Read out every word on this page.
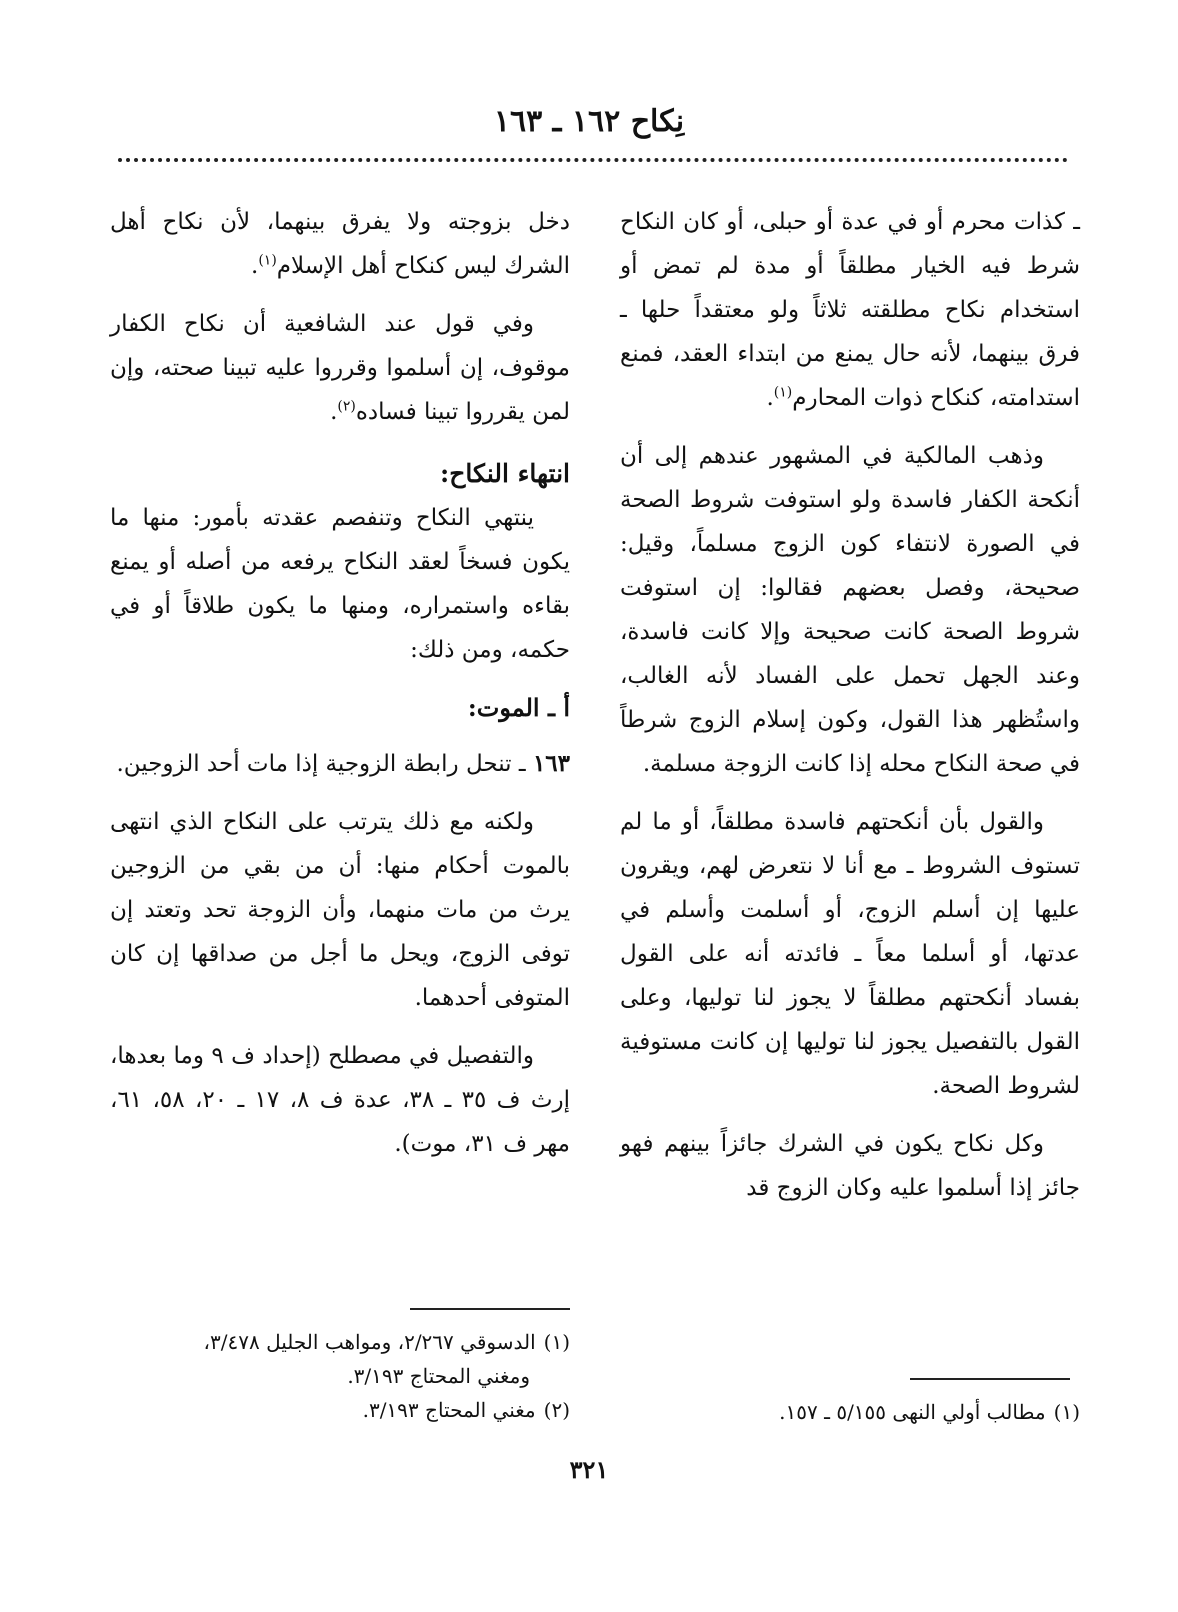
نِكاح ١٦٢ ـ ١٦٣

ـ كذات محرم أو في عدة أو حبلى، أو كان النكاح شرط فيه الخيار مطلقاً أو مدة لم تمض أو استخدام نكاح مطلقته ثلاثاً ولو معتقداً حلها ـ فرق بينهما، لأنه حال يمنع من ابتداء العقد، فمنع استدامته، كنكاح ذوات المحارم$^{(١)}$.

وذهب المالكية في المشهور عندهم إلى أن أنكحة الكفار فاسدة ولو استوفت شروط الصحة في الصورة لانتفاء كون الزوج مسلماً، وقيل: صحيحة، وفصل بعضهم فقالوا: إن استوفت شروط الصحة كانت صحيحة وإلا كانت فاسدة، وعند الجهل تحمل على الفساد لأنه الغالب، واستُظهر هذا القول، وكون إسلام الزوج شرطاً في صحة النكاح محله إذا كانت الزوجة مسلمة.

والقول بأن أنكحتهم فاسدة مطلقاً، أو ما لم تستوف الشروط ـ مع أنا لا نتعرض لهم، ويقرون عليها إن أسلم الزوج، أو أسلمت وأسلم في عدتها، أو أسلما معاً ـ فائدته أنه على القول بفساد أنكحتهم مطلقاً لا يجوز لنا توليها، وعلى القول بالتفصيل يجوز لنا توليها إن كانت مستوفية لشروط الصحة.

وكل نكاح يكون في الشرك جائزاً بينهم فهو جائز إذا أسلموا عليه وكان الزوج قد

دخل بزوجته ولا يفرق بينهما، لأن نكاح أهل الشرك ليس كنكاح أهل الإسلام$^{(١)}$.

وفي قول عند الشافعية أن نكاح الكفار موقوف، إن أسلموا وقرروا عليه تبينا صحته، وإن لمن يقرروا تبينا فساده$^{(٢)}$.

انتهاء النكاح:

ينتهي النكاح وتنفصم عقدته بأمور: منها ما يكون فسخاً لعقد النكاح يرفعه من أصله أو يمنع بقاءه واستمراره، ومنها ما يكون طلاقاً أو في حكمه، ومن ذلك:

أ ـ الموت:

١٦٣ ـ تنحل رابطة الزوجية إذا مات أحد الزوجين.

ولكنه مع ذلك يترتب على النكاح الذي انتهى بالموت أحكام منها: أن من بقي من الزوجين يرث من مات منهما، وأن الزوجة تحد وتعتد إن توفى الزوج، ويحل ما أجل من صداقها إن كان المتوفى أحدهما.

والتفصيل في مصطلح (إحداد ف ٩ وما بعدها، إرث ف ٣٥ ـ ٣٨، عدة ف ٨، ١٧ ـ ٢٠، ٥٨، ٦١، مهر ف ٣١، موت).

(١)الدسوقي ٢/٢٦٧، ومواهب الجليل ٣/٤٧٨،

ومغني المحتاج ٣/١٩٣.

(٢)مغني المحتاج ٣/١٩٣.	(١)مطالب أولي النهى ٥/١٥٥ ـ ١٥٧.

٣٢١
